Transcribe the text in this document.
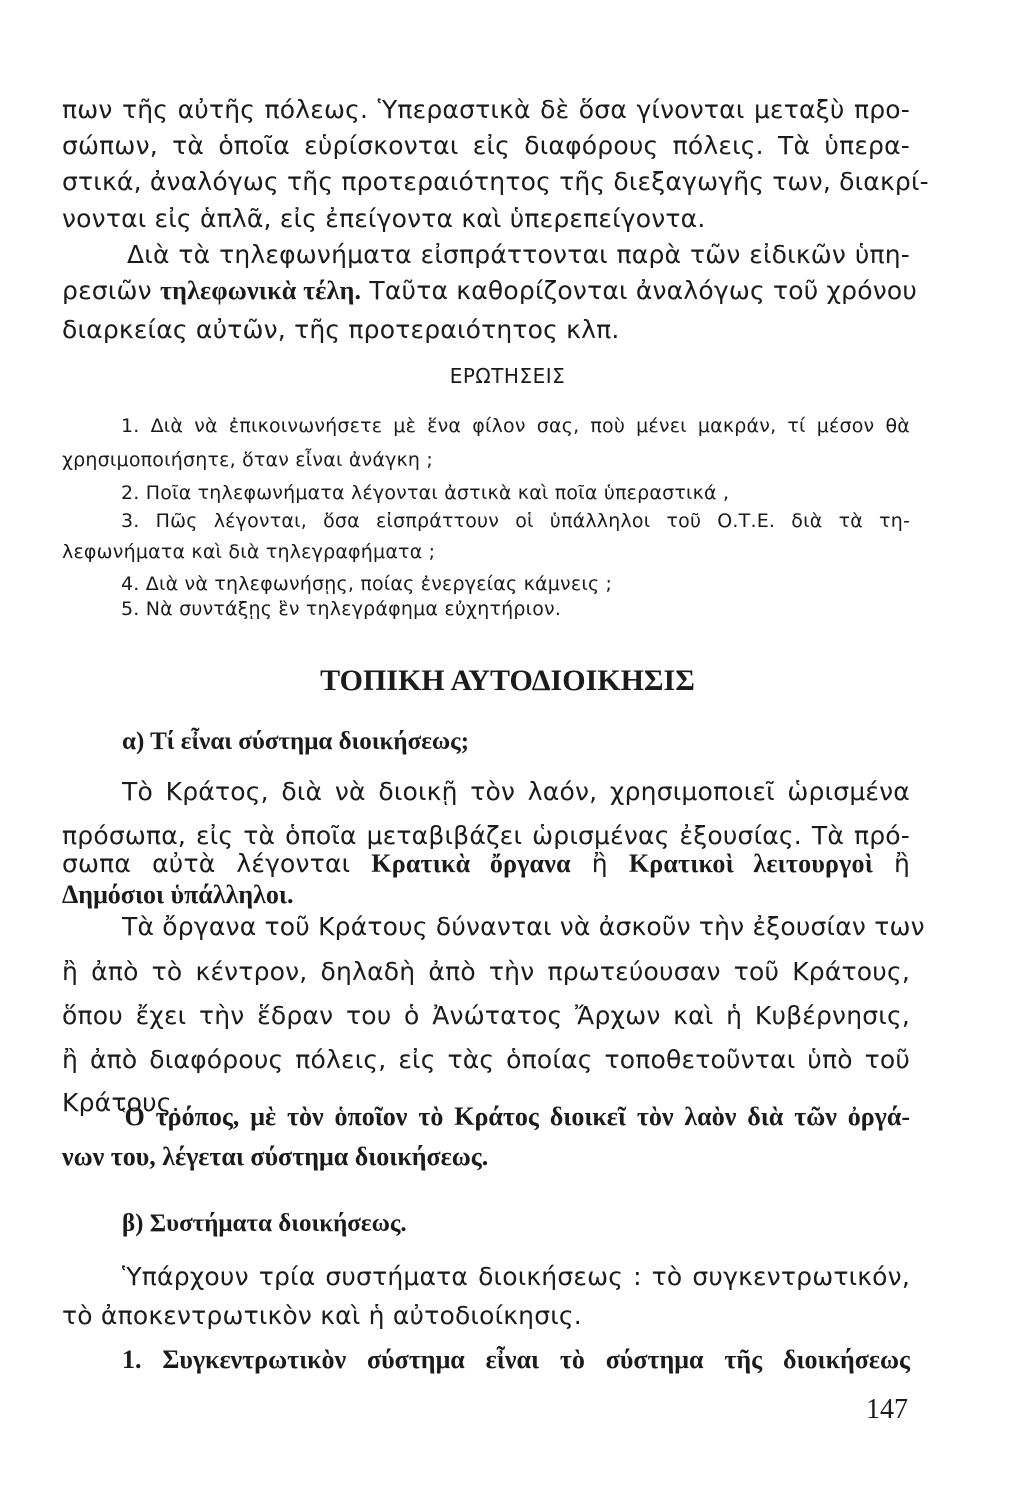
πων τῆς αὐτῆς πόλεως. Ὑπεραστικὰ δὲ ὅσα γίνονται μεταξὺ προ-
σώπων, τὰ ὁποῖα εὑρίσκονται εἰς διαφόρους πόλεις. Τὰ ὑπερα-
στικά, ἀναλόγως τῆς προτεραιότητος τῆς διεξαγωγῆς των, διακρί-
νονται εἰς ἁπλᾶ, εἰς ἐπείγοντα καὶ ὑπερεπείγοντα.
Διὰ τὰ τηλεφωνήματα εἰσπράττονται παρὰ τῶν εἰδικῶν ὑπη-
ρεσιῶν τηλεφωνικὰ τέλη. Ταῦτα καθορίζονται ἀναλόγως τοῦ χρόνου
διαρκείας αὐτῶν, τῆς προτεραιότητος κλπ.
ΕΡΩΤΗΣΕΙΣ
1. Διὰ νὰ ἐπικοινωνήσετε μὲ ἕνα φίλον σας, ποὺ μένει μακράν, τί μέσον θὰ
χρησιμοποιήσητε, ὅταν εἶναι ἀνάγκη ;
2. Ποῖα τηλεφωνήματα λέγονται ἀστικὰ καὶ ποῖα ὑπεραστικά ,
3. Πῶς λέγονται, ὅσα εἰσπράττουν οἱ ὑπάλληλοι τοῦ Ο.Τ.Ε. διὰ τὰ τη-
λεφωνήματα καὶ διὰ τηλεγραφήματα ;
4. Διὰ νὰ τηλεφωνήσῃς, ποίας ἐνεργείας κάμνεις ;
5. Νὰ συντάξῃς ἓν τηλεγράφημα εὐχητήριον.
ΤΟΠΙΚΗ ΑΥΤΟΔΙΟΙΚΗΣΙΣ
α) Τί εἶναι σύστημα διοικήσεως;
Τὸ Κράτος, διὰ νὰ διοικῇ τὸν λαόν, χρησιμοποιεῖ ὡρισμένα
πρόσωπα, εἰς τὰ ὁποῖα μεταβιβάζει ὡρισμένας ἐξουσίας. Τὰ πρό-
σωπα αὐτὰ λέγονται Κρατικὰ ὄργανα ἢ Κρατικοὶ λειτουργοὶ ἢ
Δημόσιοι ὑπάλληλοι.
Τὰ ὄργανα τοῦ Κράτους δύνανται νὰ ἀσκοῦν τὴν ἐξουσίαν των
ἢ ἀπὸ τὸ κέντρον, δηλαδὴ ἀπὸ τὴν πρωτεύουσαν τοῦ Κράτους,
ὅπου ἔχει τὴν ἕδραν του ὁ Ἀνώτατος Ἄρχων καὶ ἡ Κυβέρνησις,
ἢ ἀπὸ διαφόρους πόλεις, εἰς τὰς ὁποίας τοποθετοῦνται ὑπὸ τοῦ
Κράτους.
Ὁ τρόπος, μὲ τὸν ὁποῖον τὸ Κράτος διοικεῖ τὸν λαὸν διὰ τῶν ὀργά-
νων του, λέγεται σύστημα διοικήσεως.
β) Συστήματα διοικήσεως.
Ὑπάρχουν τρία συστήματα διοικήσεως : τὸ συγκεντρωτικόν,
τὸ ἀποκεντρωτικὸν καὶ ἡ αὐτοδιοίκησις.
1. Συγκεντρωτικὸν σύστημα εἶναι τὸ σύστημα τῆς διοικήσεως
147
